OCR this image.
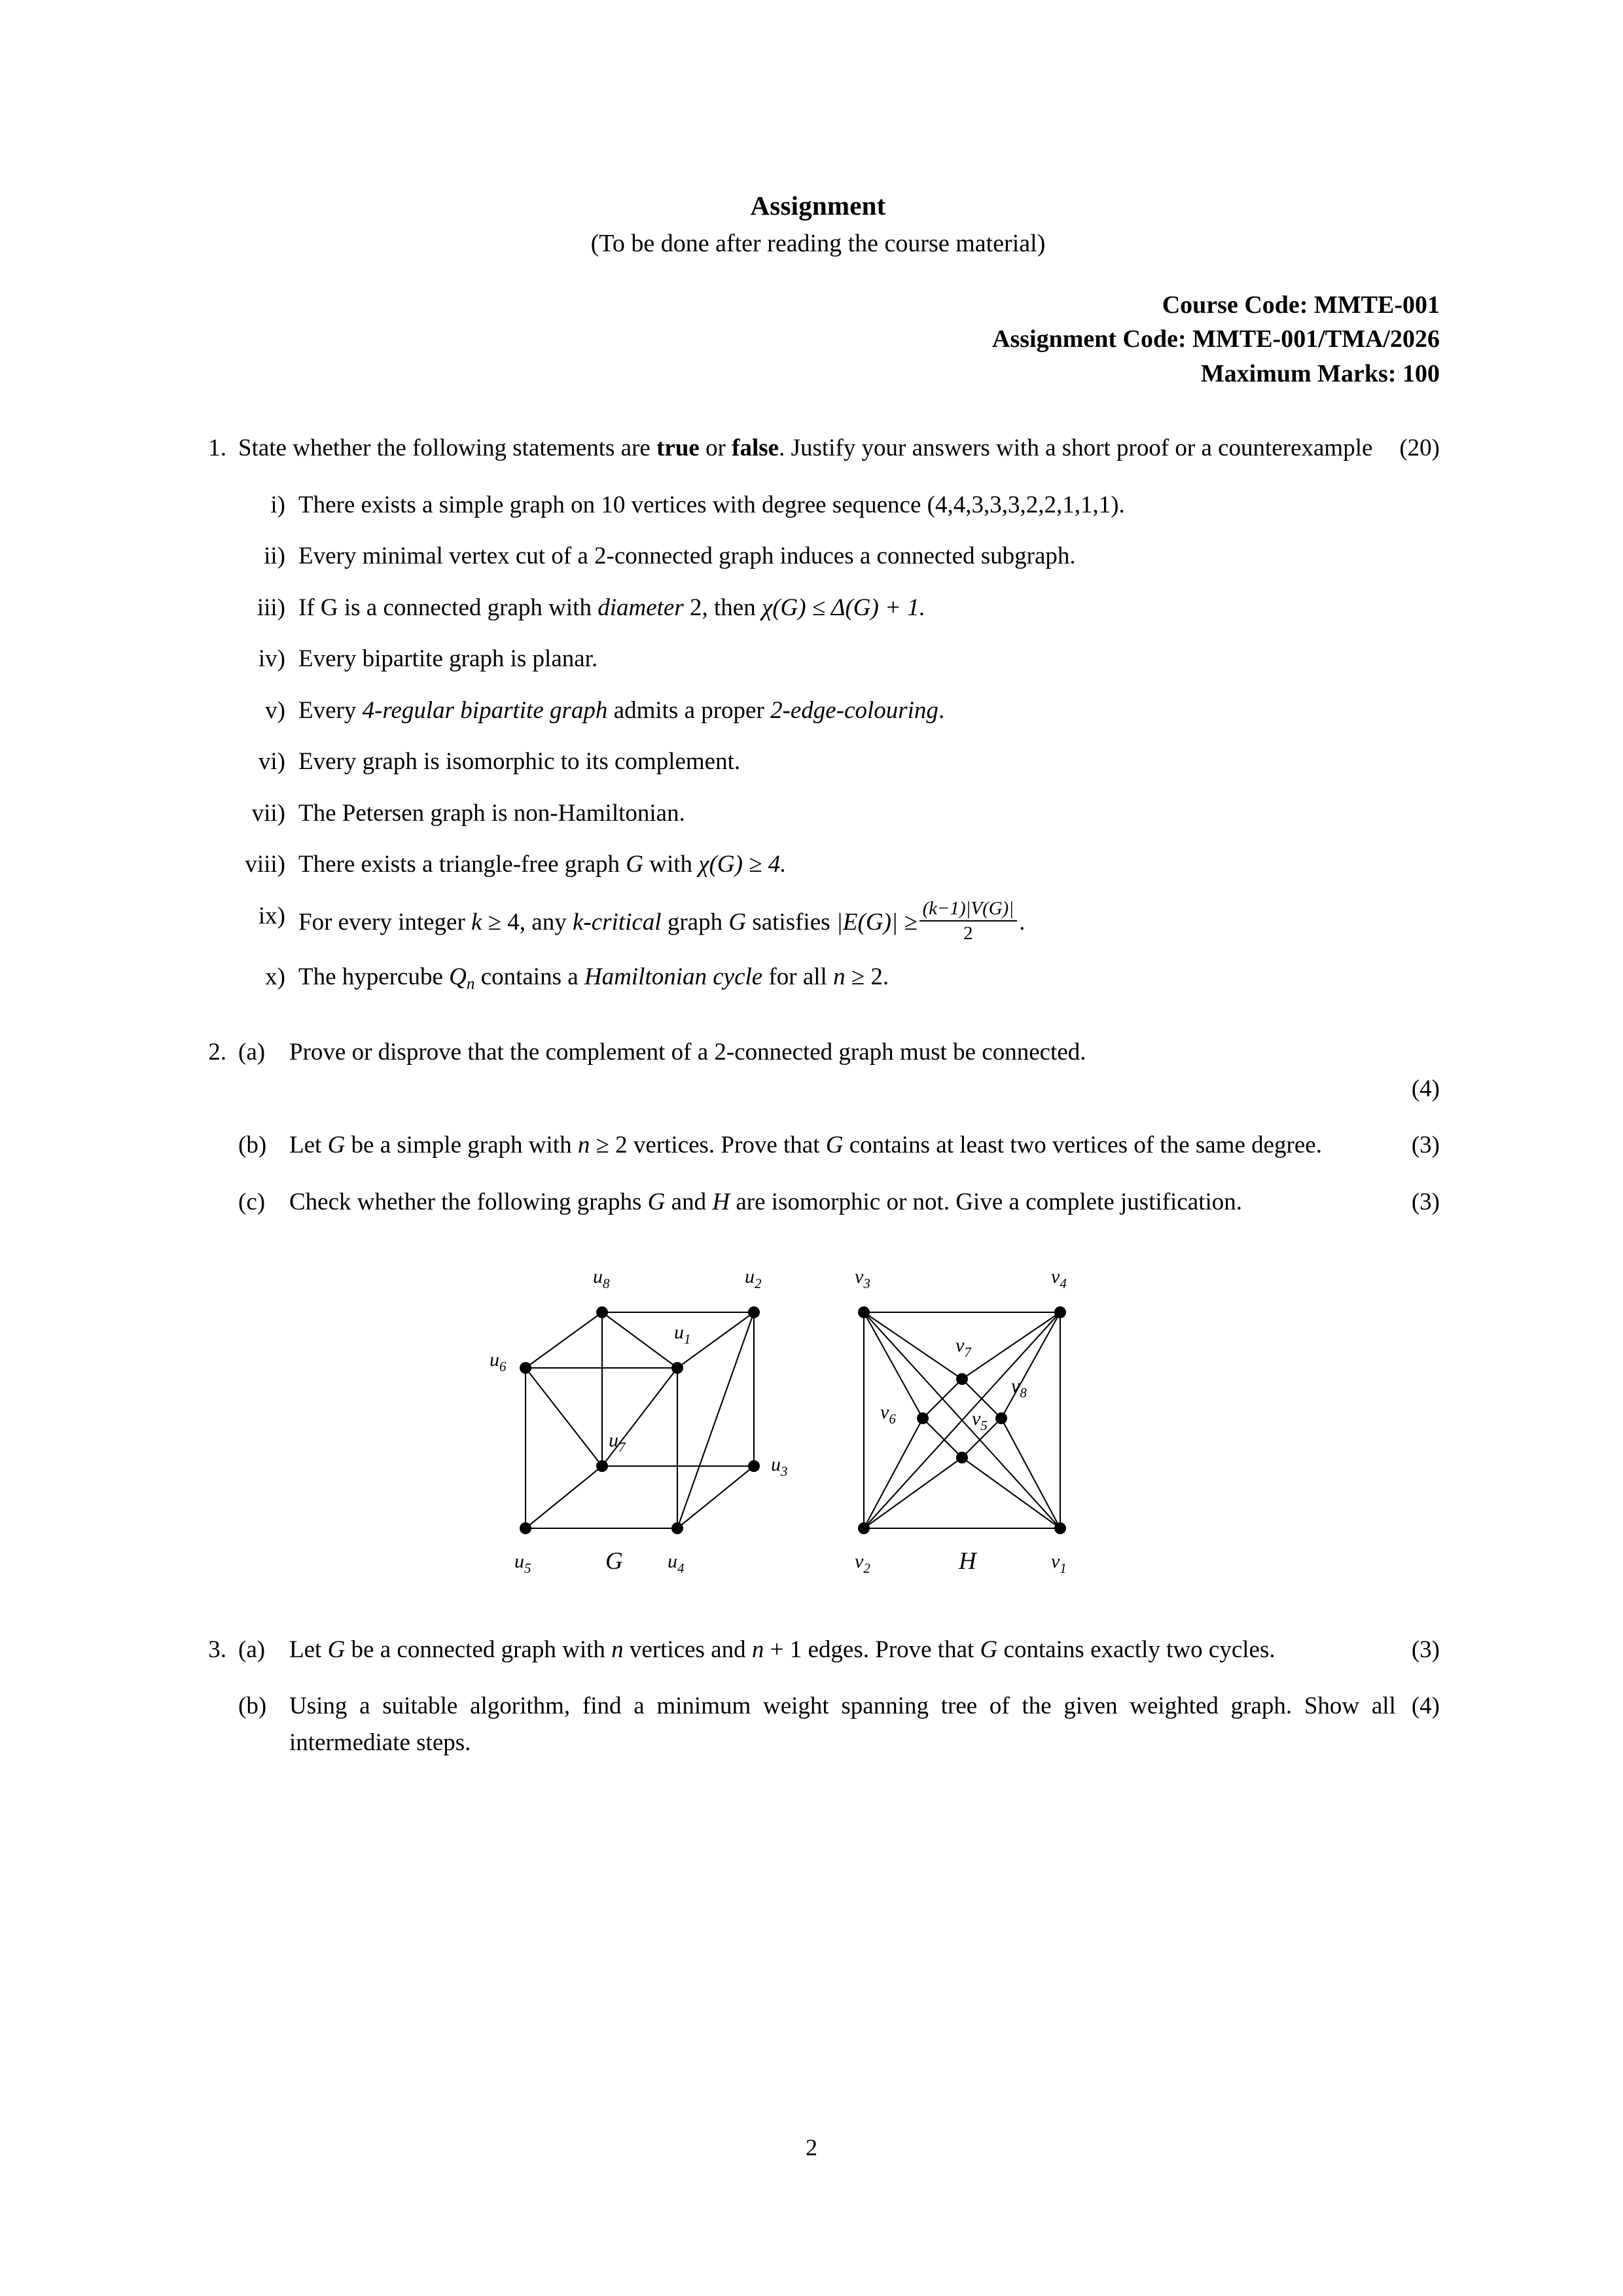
Assignment
(To be done after reading the course material)
Course Code: MMTE-001
Assignment Code: MMTE-001/TMA/2026
Maximum Marks: 100
1.	(20)
State whether the following statements are true or false. Justify your answers with a short proof or a counterexample
i) There exists a simple graph on 10 vertices with degree sequence (4,4,3,3,3,2,2,1,1,1).
ii) Every minimal vertex cut of a 2-connected graph induces a connected subgraph.
iii) If G is a connected graph with diameter 2, then χ(G) ≤ Δ(G) + 1.
iv) Every bipartite graph is planar.
v) Every 4-regular bipartite graph admits a proper 2-edge-colouring.
vi) Every graph is isomorphic to its complement.
vii) The Petersen graph is non-Hamiltonian.
viii) There exists a triangle-free graph G with χ(G) ≥ 4.
ix) For every integer k ≥ 4, any k-critical graph G satisfies $|E(G)| \ge \frac{(k-1)|V(G)|}{2}$ .
x) The hypercube Qn contains a Hamiltonian cycle for all n ≥ 2.
2. (a) Prove or disprove that the complement of a 2-connected graph must be connected.
(4)
(b)	(3)
Let G be a simple graph with n ≥ 2 vertices. Prove that G contains at least two vertices of the same degree.
(c)	(3)
Check whether the following graphs G and H are isomorphic or not. Give a complete justification.
$u_8$	$u_2$
$u_6$
$u_1$
$u_7$
$u_3$
$u_5$	$u_4$
$v_3$	$v_4$
$v_7$
$v_8$
$v_6$	$v_5$
$v_2$	$v_1$
G	H
3. (a)	(3)
Let G be a connected graph with n vertices and n + 1 edges. Prove that G contains exactly two cycles.
(b)	(4)
Using a suitable algorithm, find a minimum weight spanning tree of the given weighted graph. Show all intermediate steps.
2
